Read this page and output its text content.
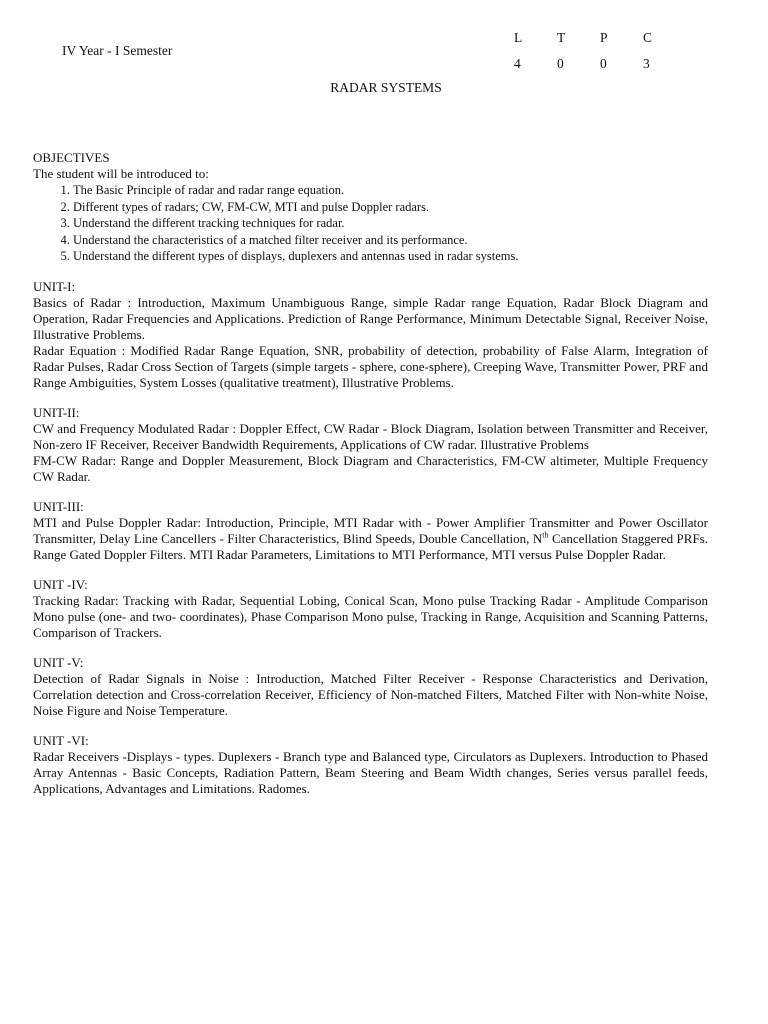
IV Year - I Semester
L	T	P	C
4	0	0	3
RADAR SYSTEMS
OBJECTIVES
The student will be introduced to:
1. The Basic Principle of radar and radar range equation.
2. Different types of radars; CW, FM-CW, MTI and pulse Doppler radars.
3. Understand the different tracking techniques for radar.
4. Understand the characteristics of a matched filter receiver and its performance.
5. Understand the different types of displays, duplexers and antennas used in radar systems.
UNIT-I:

Basics of Radar : Introduction, Maximum Unambiguous Range, simple Radar range Equation, Radar Block Diagram and Operation, Radar Frequencies and Applications. Prediction of Range Performance, Minimum Detectable Signal, Receiver Noise, Illustrative Problems.

Radar Equation : Modified Radar Range Equation, SNR, probability of detection, probability of False Alarm, Integration of Radar Pulses, Radar Cross Section of Targets (simple targets - sphere, cone-sphere), Creeping Wave, Transmitter Power, PRF and Range Ambiguities, System Losses (qualitative treatment), Illustrative Problems.

UNIT-II:

CW and Frequency Modulated Radar : Doppler Effect, CW Radar - Block Diagram, Isolation between Transmitter and Receiver, Non-zero IF Receiver, Receiver Bandwidth Requirements, Applications of CW radar. Illustrative Problems

FM-CW Radar: Range and Doppler Measurement, Block Diagram and Characteristics, FM-CW altimeter, Multiple Frequency CW Radar.

UNIT-III:

MTI and Pulse Doppler Radar: Introduction, Principle, MTI Radar with - Power Amplifier Transmitter and Power Oscillator Transmitter, Delay Line Cancellers - Filter Characteristics, Blind Speeds, Double Cancellation, $N^{th}$ Cancellation Staggered PRFs. Range Gated Doppler Filters. MTI Radar Parameters, Limitations to MTI Performance, MTI versus Pulse Doppler Radar.

UNIT -IV:

Tracking Radar: Tracking with Radar, Sequential Lobing, Conical Scan, Mono pulse Tracking Radar - Amplitude Comparison Mono pulse (one- and two- coordinates), Phase Comparison Mono pulse, Tracking in Range, Acquisition and Scanning Patterns, Comparison of Trackers.

UNIT -V:

Detection of Radar Signals in Noise : Introduction, Matched Filter Receiver - Response Characteristics and Derivation, Correlation detection and Cross-correlation Receiver, Efficiency of Non-matched Filters, Matched Filter with Non-white Noise, Noise Figure and Noise Temperature.

UNIT -VI:

Radar Receivers -Displays - types. Duplexers - Branch type and Balanced type, Circulators as Duplexers. Introduction to Phased Array Antennas - Basic Concepts, Radiation Pattern, Beam Steering and Beam Width changes, Series versus parallel feeds, Applications, Advantages and Limitations. Radomes.
